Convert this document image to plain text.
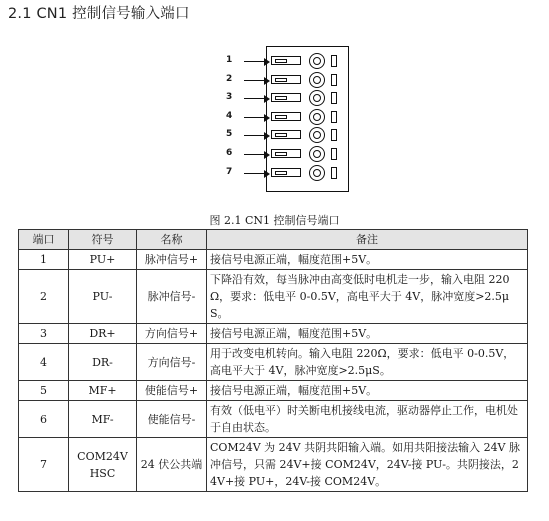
2.1 CN1 控制信号输入端口
1
2
3
4
5
6
7
图 2.1 CN1 控制信号端口
端口	符号	名称	备注
1	PU+	脉冲信号+	接信号电源正端，幅度范围+5V。
2	PU-	脉冲信号-	下降沿有效，每当脉冲由高变低时电机走一步，输入电阻 220Ω，要求：低电平 0-0.5V，高电平大于 4V，脉冲宽度>2.5μS。
3	DR+	方向信号+	接信号电源正端，幅度范围+5V。
4	DR-	方向信号-	用于改变电机转向。输入电阻 220Ω，要求：低电平 0-0.5V，高电平大于 4V，脉冲宽度>2.5μS。
5	MF+	使能信号+	接信号电源正端，幅度范围+5V。
6	MF-	使能信号-	有效（低电平）时关断电机接线电流，驱动器停止工作，电机处于自由状态。
7	COM24V HSC	24 伏公共端	COM24V 为 24V 共阴共阳输入端。如用共阳接法输入 24V 脉冲信号，只需 24V+接 COM24V，24V-接 PU-。共阴接法，24V+接 PU+，24V-接 COM24V。
